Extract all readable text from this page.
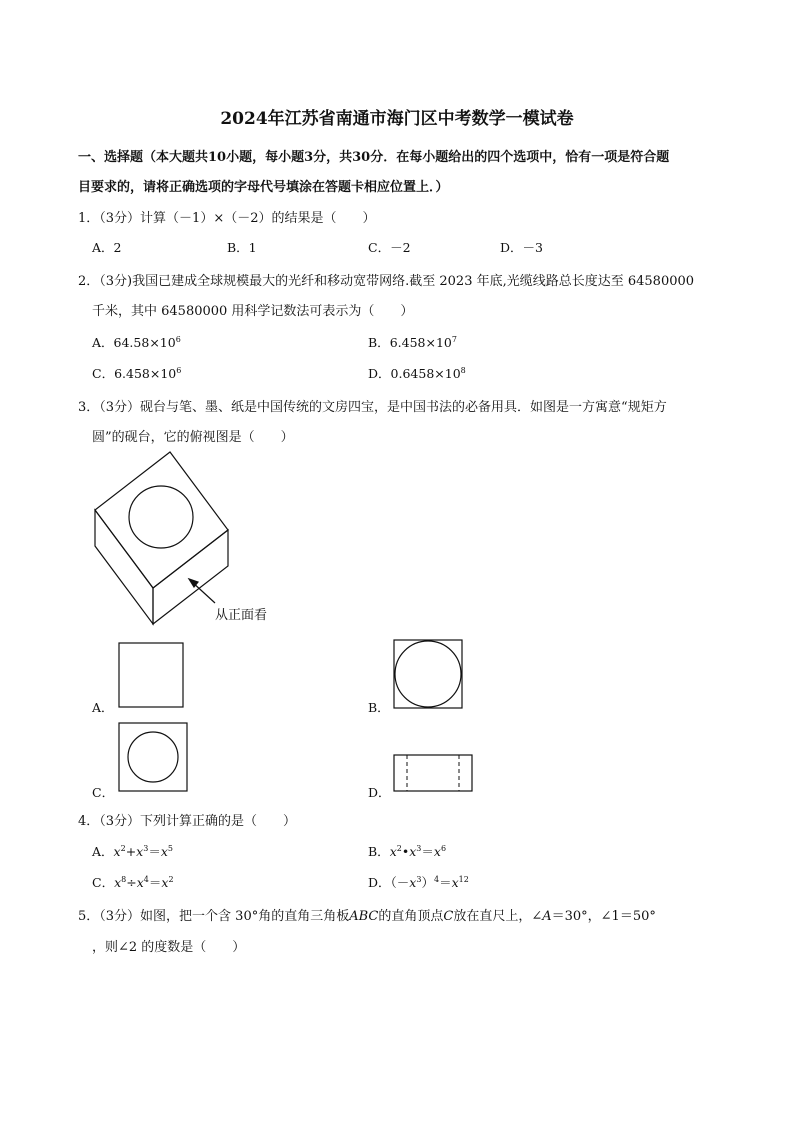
2024年江苏省南通市海门区中考数学一模试卷
一、选择题（本大题共10小题，每小题3分，共30分．在每小题给出的四个选项中，恰有一项是符合题
目要求的，请将正确选项的字母代号填涂在答题卡相应位置上．）
1．（3分）计算（－1）×（－2）的结果是（　　）
A．2	B．1	C．－2	D．－3
2．（3分)我国已建成全球规模最大的光纤和移动宽带网络.截至 2023 年底,光缆线路总长度达至 64580000
千米，其中 64580000 用科学记数法可表示为（　　）
A．$64.58\times 10^6$	B．$6.458\times 10^7$
C．$6.458\times 10^6$	D．$0.6458\times 10^8$
3．（3分）砚台与笔、墨、纸是中国传统的文房四宝，是中国书法的必备用具．如图是一方寓意“规矩方
圆”的砚台，它的俯视图是（　　）
从正面看
A．	B．
C．	D．
4．（3分）下列计算正确的是（　　）
A．$x^2+x^3=x^5$	B．$x^2•x^3=x^6$
C．$x^8\div x^4=x^2$	D．$(-x^3)^4=x^{12}$
5．（3分）如图，把一个含 30°角的直角三角板ABC的直角顶点C放在直尺上，∠A＝30°，∠1＝50°
，则∠2 的度数是（　　）
